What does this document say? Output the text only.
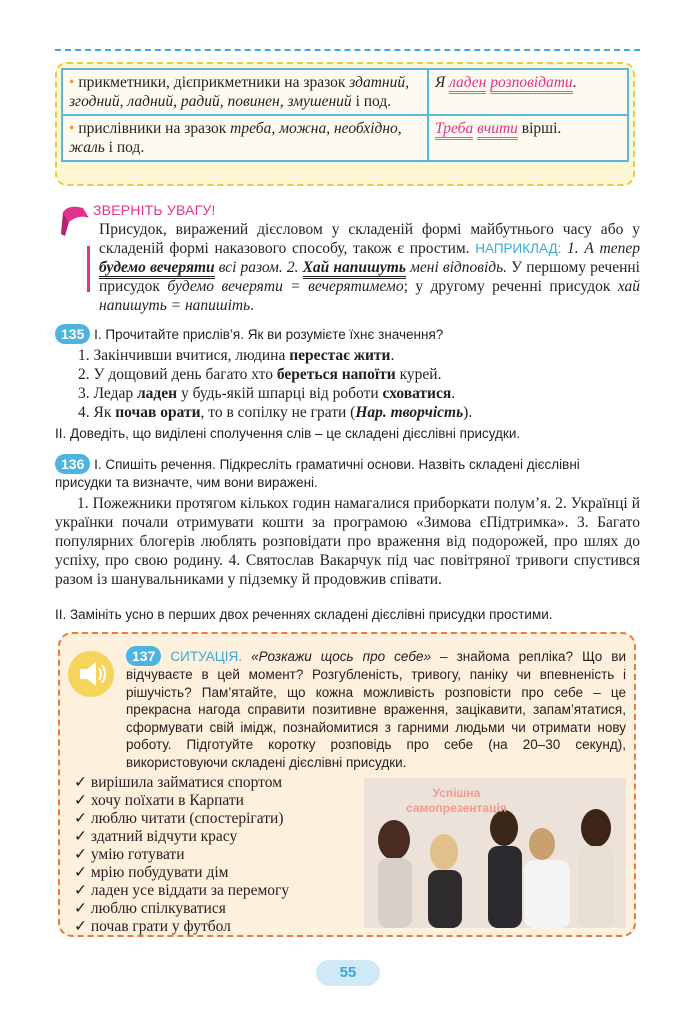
• прикметники, дієприкметники на зразок здатний, згодний, ладний, радий, повинен, змушений і под.	Я ладен розповідати.
• прислівники на зразок треба, можна, необхідно, жаль і под.	Треба вчити вірші.
ЗВЕРНІТЬ УВАГУ!
Присудок, виражений дієсловом у складеній формі майбутнього часу або у складеній формі наказового способу, також є простим. НАПРИКЛАД: 1. А тепер будемо вечеряти всі разом. 2. Хай напишуть мені відповідь. У першому реченні присудок будемо вечеряти = вечерятимемо; у другому реченні присудок хай напишуть = напишіть.
135 І. Прочитайте прислів’я. Як ви розумієте їхнє значення?
1. Закінчивши вчитися, людина перестає жити.
2. У дощовий день багато хто береться напоїти курей.
3. Ледар ладен у будь-якій шпарці від роботи сховатися.
4. Як почав орати, то в сопілку не грати (Нар. творчість).
ІІ. Доведіть, що виділені сполучення слів – це складені дієслівні присудки.
136 І. Спишіть речення. Підкресліть граматичні основи. Назвіть складені дієслівні присудки та визначте, чим вони виражені.
1. Пожежники протягом кількох годин намагалися приборкати полум’я. 2. Українці й українки почали отримувати кошти за програмою «Зимова єПідтримка». 3. Багато популярних блогерів люблять розповідати про враження від подорожей, про шлях до успіху, про свою родину. 4. Святослав Вакарчук під час повітряної тривоги спустився разом із шанувальниками у підземку й продовжив співати.
ІІ. Замініть усно в перших двох реченнях складені дієслівні присудки простими.
137 СИТУАЦІЯ. «Розкажи щось про себе» – знайома репліка? Що ви відчуваєте в цей момент? Розгубленість, тривогу, паніку чи впевненість і рішучість? Пам’ятайте, що кожна можливість розповісти про себе – це прекрасна нагода справити позитивне враження, зацікавити, запам’ятатися, сформувати свій імідж, познайомитися з гарними людьми чи отримати нову роботу. Підготуйте коротку розповідь про себе (на 20–30 секунд), використовуючи складені дієслівні присудки.
✓ вирішила займатися спортом
✓ хочу поїхати в Карпати
✓ люблю читати (спостерігати)
✓ здатний відчути красу
✓ умію готувати
✓ мрію побудувати дім
✓ ладен усе віддати за перемогу
✓ люблю спілкуватися
✓ почав грати у футбол
Успішна
самопрезентація
55
